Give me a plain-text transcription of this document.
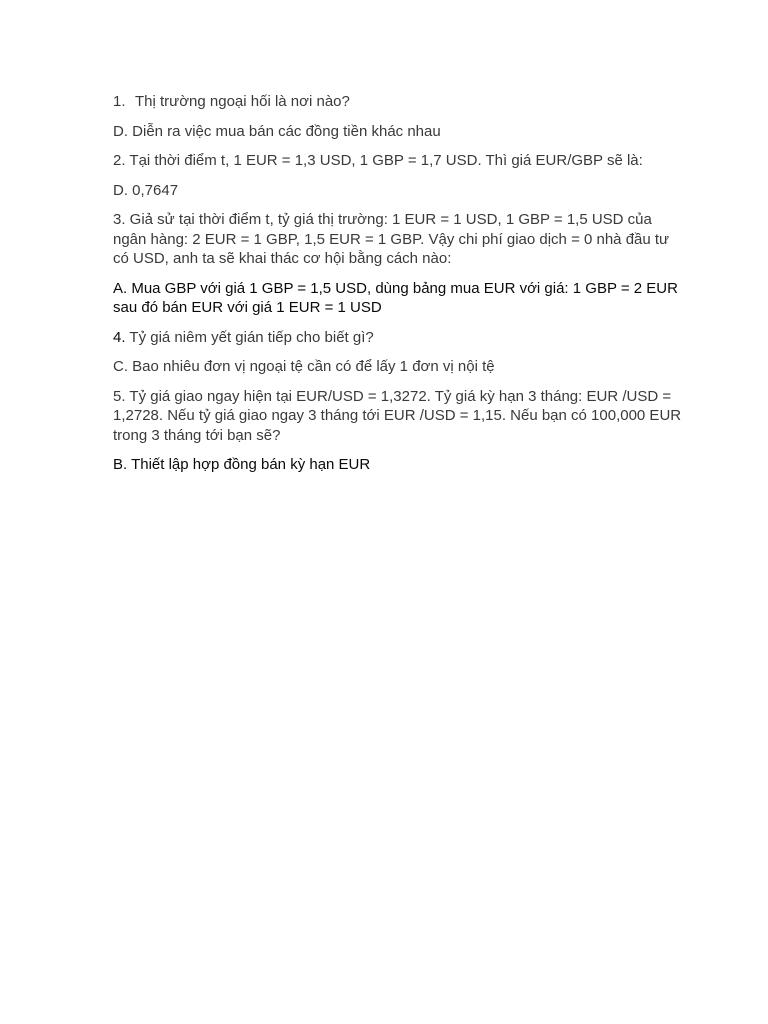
1. Thị trường ngoại hối là nơi nào?

D. Diễn ra việc mua bán các đồng tiền khác nhau

2. Tại thời điểm t, 1 EUR = 1,3 USD, 1 GBP = 1,7 USD. Thì giá EUR/GBP sẽ là:

D. 0,7647

3. Giả sử tại thời điểm t, tỷ giá thị trường: 1 EUR = 1 USD, 1 GBP = 1,5 USD của ngân hàng: 2 EUR = 1 GBP, 1,5 EUR = 1 GBP. Vậy chi phí giao dịch = 0 nhà đầu tư có USD, anh ta sẽ khai thác cơ hội bằng cách nào:

A. Mua GBP với giá 1 GBP = 1,5 USD, dùng bảng mua EUR với giá: 1 GBP = 2 EUR sau đó bán EUR với giá 1 EUR = 1 USD

4. Tỷ giá niêm yết gián tiếp cho biết gì?

C. Bao nhiêu đơn vị ngoại tệ cần có để lấy 1 đơn vị nội tệ

5. Tỷ giá giao ngay hiện tại EUR/USD = 1,3272. Tỷ giá kỳ hạn 3 tháng: EUR /USD = 1,2728. Nếu tỷ giá giao ngay 3 tháng tới EUR /USD = 1,15. Nếu bạn có 100,000 EUR trong 3 tháng tới bạn sẽ?

B. Thiết lập hợp đồng bán kỳ hạn EUR
